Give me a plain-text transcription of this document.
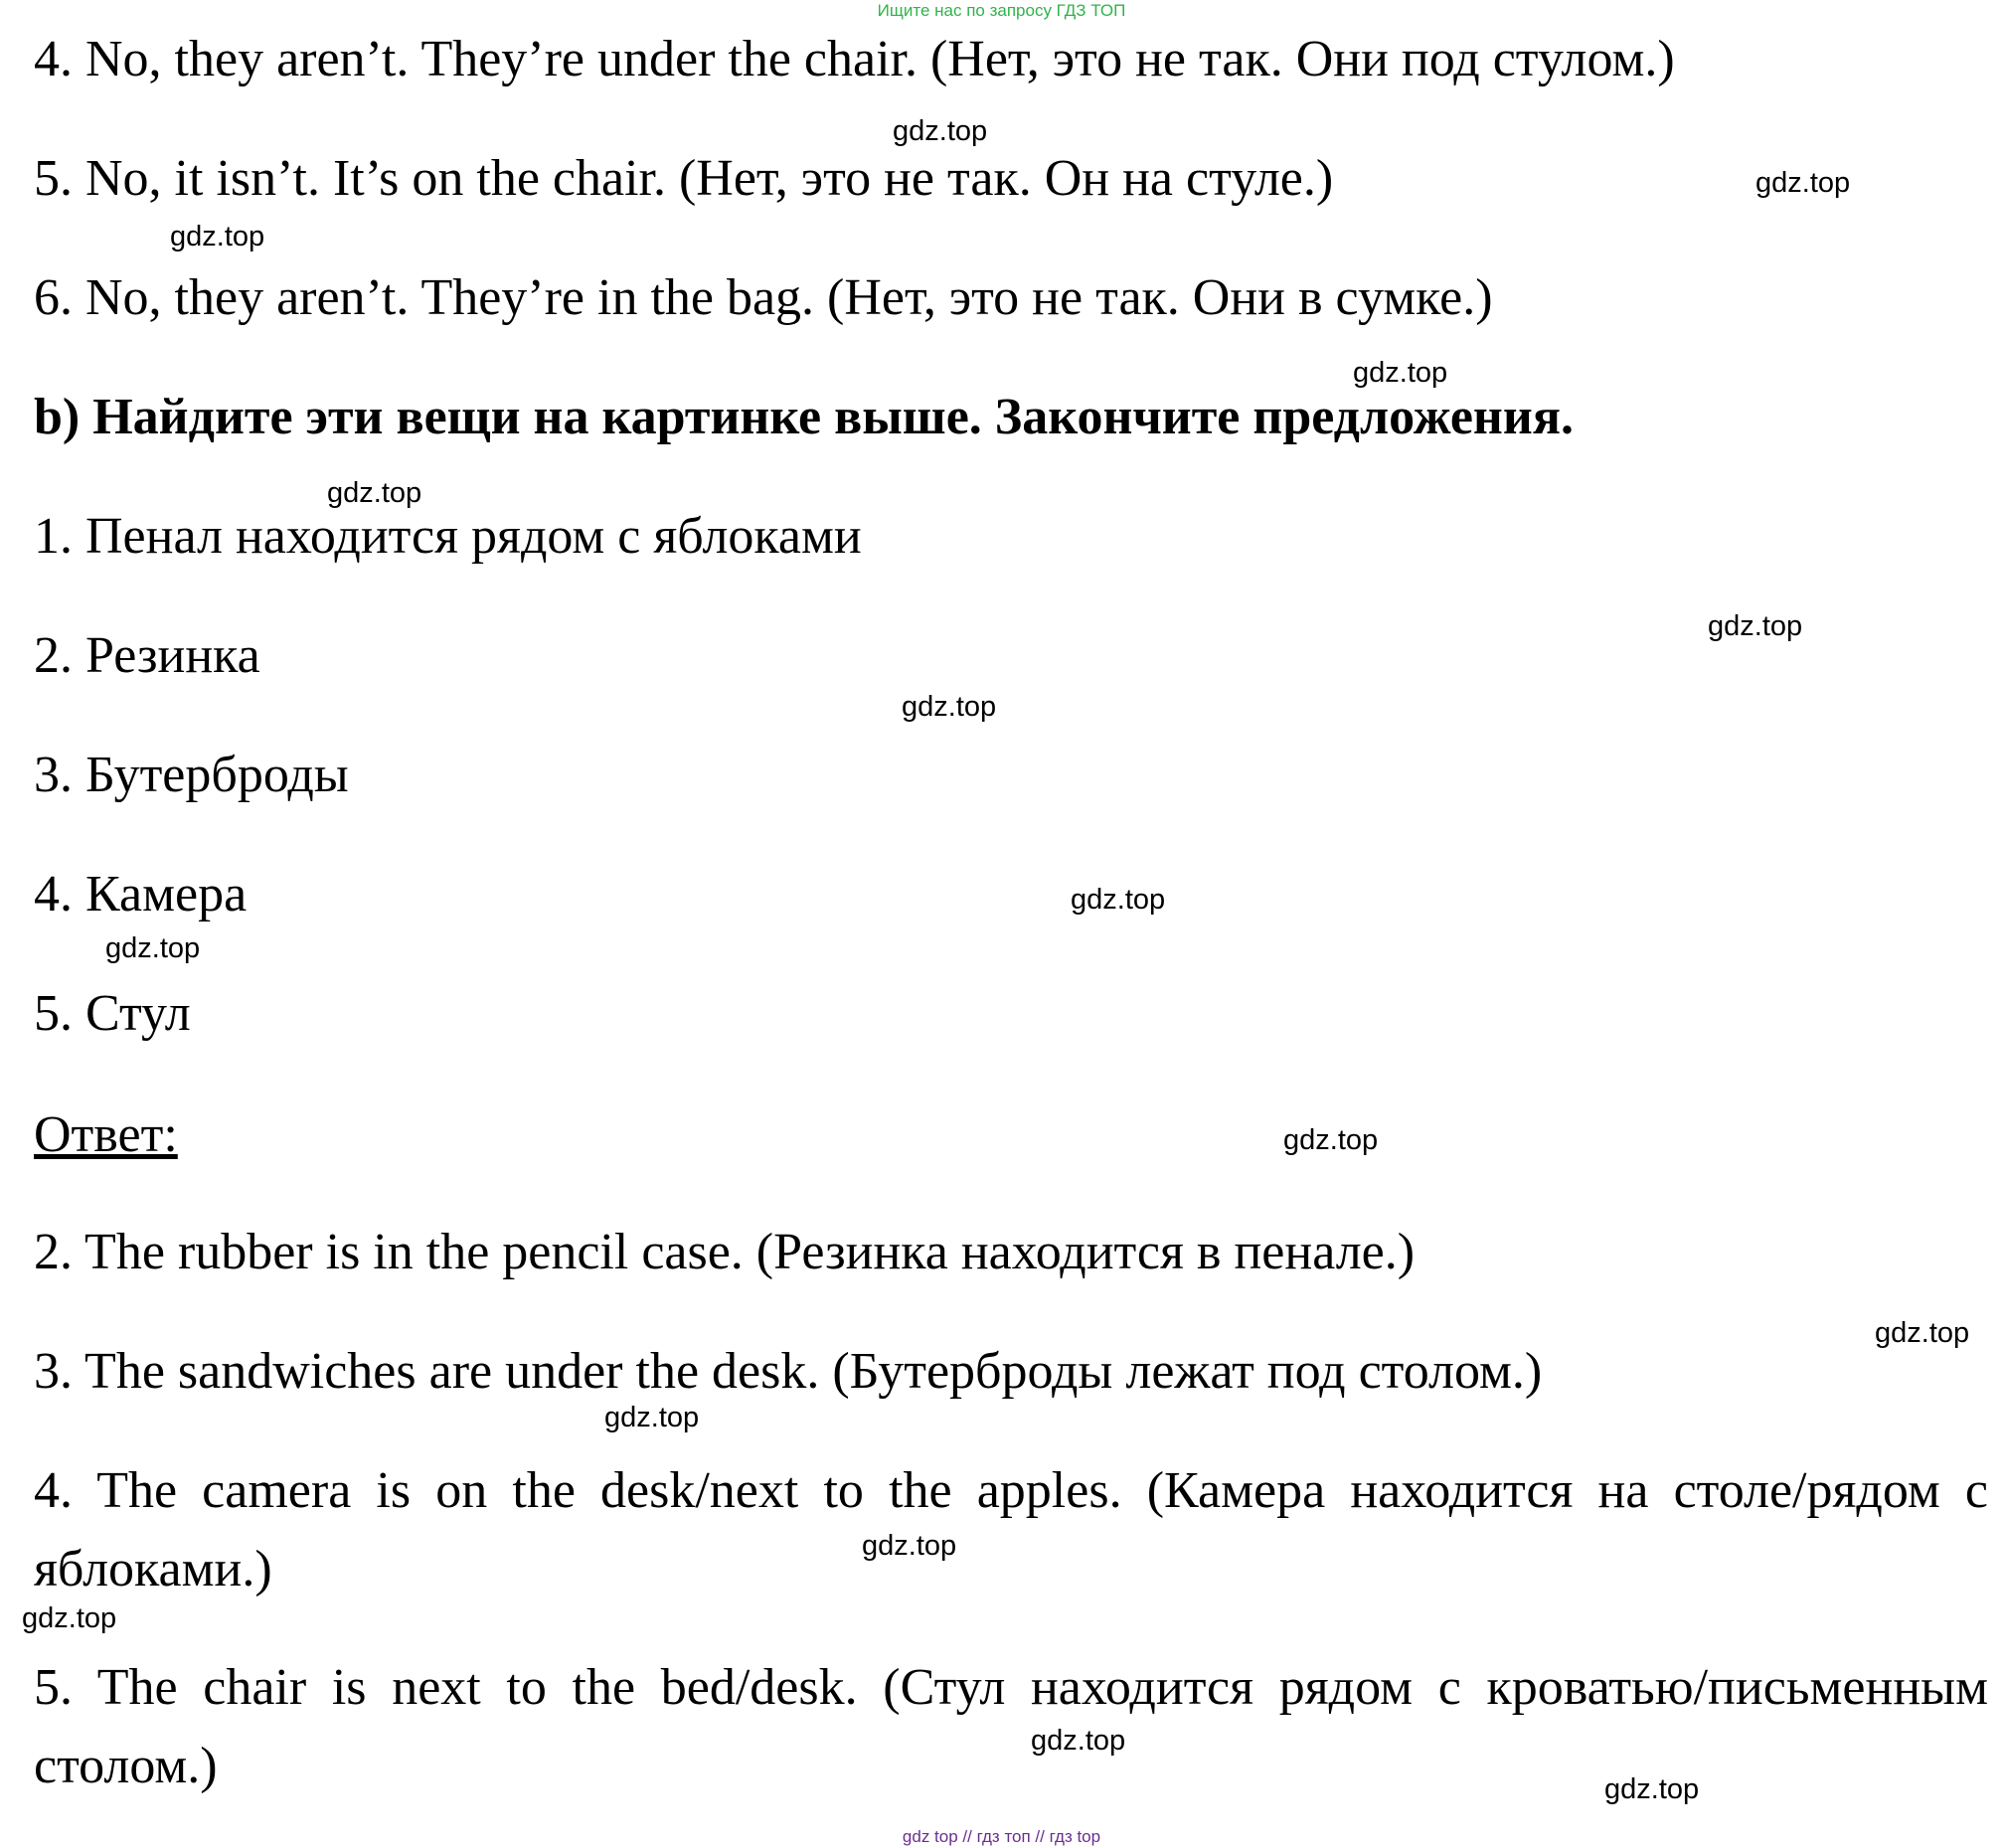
Ищите нас по запросу ГДЗ ТОП
4. No, they aren’t. They’re under the chair. (Нет, это не так. Они под стулом.)
5. No, it isn’t. It’s on the chair. (Нет, это не так. Он на стуле.)
6. No, they aren’t. They’re in the bag. (Нет, это не так. Они в сумке.)
b) Найдите эти вещи на картинке выше. Закончите предложения.
1. Пенал находится рядом с яблоками
2. Резинка
3. Бутерброды
4. Камера
5. Стул
Ответ:
2. The rubber is in the pencil case. (Резинка находится в пенале.)
3. The sandwiches are under the desk. (Бутерброды лежат под столом.)
4. The camera is on the desk/next to the apples. (Камера находится на столе/рядом с яблоками.)
5. The chair is next to the bed/desk. (Стул находится рядом с кроватью/письменным столом.)
gdz.top
gdz.top
gdz.top
gdz.top
gdz.top
gdz.top
gdz.top
gdz.top
gdz.top
gdz.top
gdz.top
gdz.top
gdz.top
gdz.top
gdz.top
gdz.top
gdz top // гдз топ // гдз top
